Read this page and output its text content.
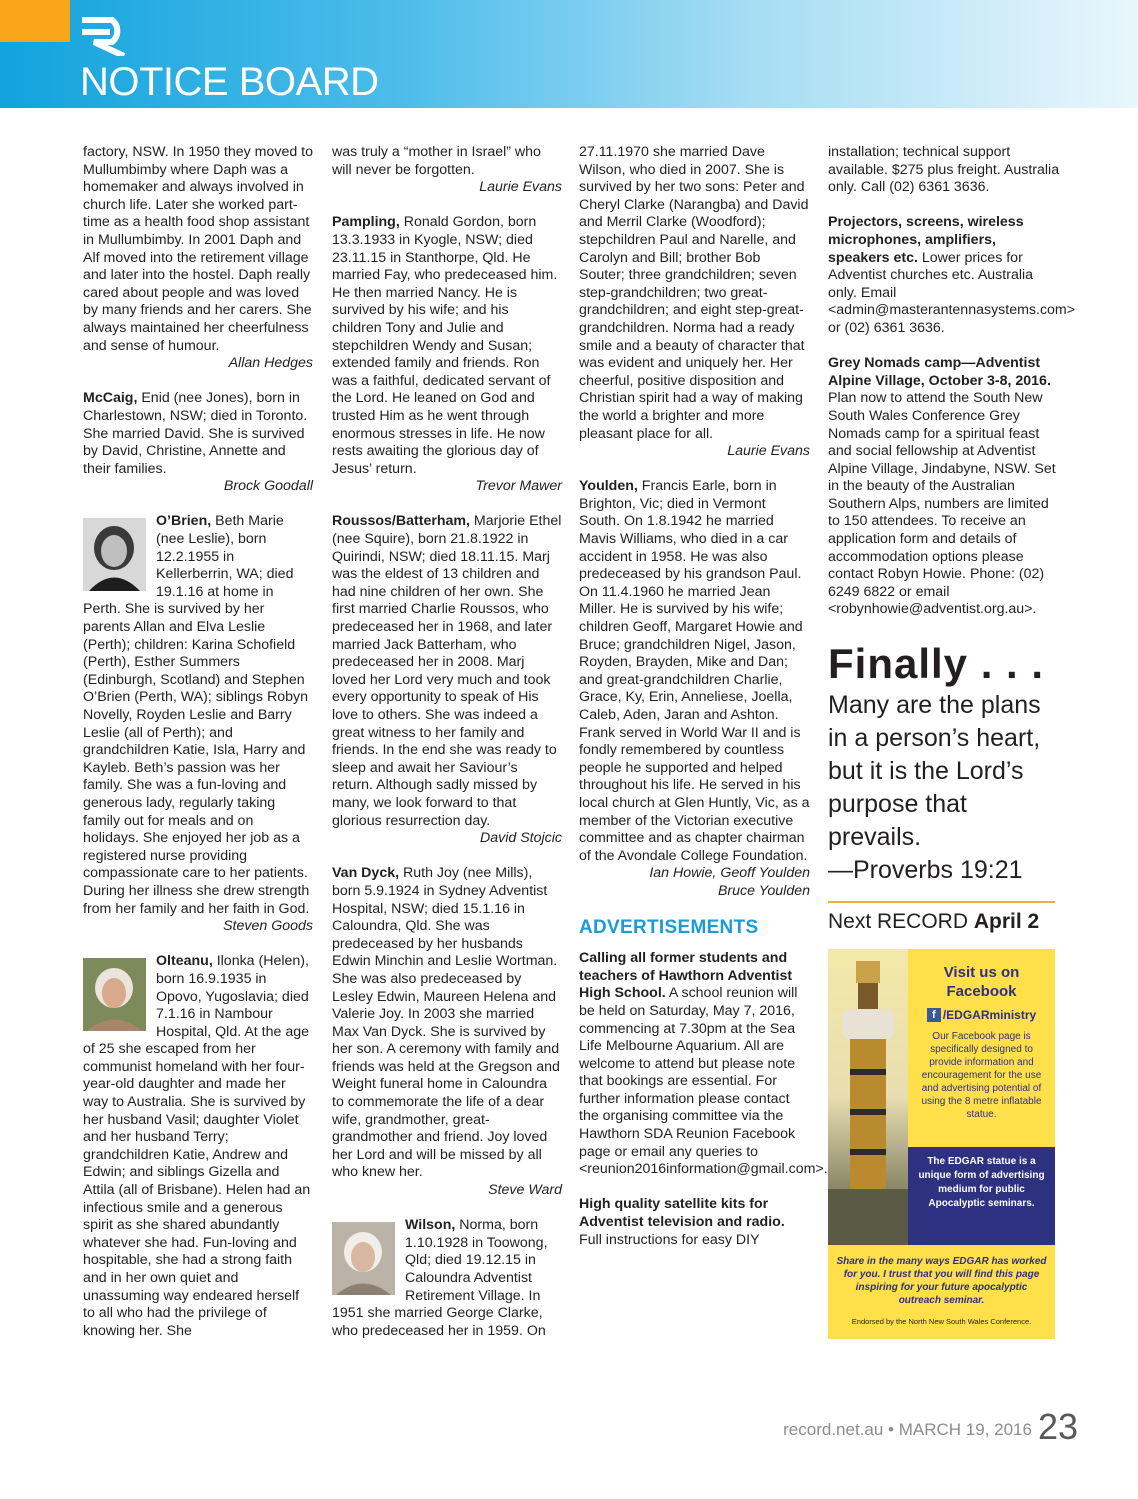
NOTICE BOARD

factory, NSW. In 1950 they moved to Mullumbimby where Daph was a homemaker and always involved in church life. Later she worked part-time as a health food shop assistant in Mullumbimby. In 2001 Daph and Alf moved into the retirement village and later into the hostel. Daph really cared about people and was loved by many friends and her carers. She always maintained her cheerfulness and sense of humour.

Allan Hedges

McCaig, Enid (nee Jones), born in Charlestown, NSW; died in Toronto. She married David. She is survived by David, Christine, Annette and their families.

Brock Goodall

O’Brien, Beth Marie (nee Leslie), born 12.2.1955 in Kellerberrin, WA; died 19.1.16 at home in Perth. She is survived by her parents Allan and Elva Leslie (Perth); children: Karina Schofield (Perth), Esther Summers (Edinburgh, Scotland) and Stephen O’Brien (Perth, WA); siblings Robyn Novelly, Royden Leslie and Barry Leslie (all of Perth); and grandchildren Katie, Isla, Harry and Kayleb. Beth’s passion was her family. She was a fun-loving and generous lady, regularly taking family out for meals and on holidays. She enjoyed her job as a registered nurse providing compassionate care to her patients. During her illness she drew strength from her family and her faith in God.

Steven Goods

Olteanu, Ilonka (Helen), born 16.9.1935 in Opovo, Yugoslavia; died 7.1.16 in Nambour Hospital, Qld. At the age of 25 she escaped from her communist homeland with her four-year-old daughter and made her way to Australia. She is survived by her husband Vasil; daughter Violet and her husband Terry; grandchildren Katie, Andrew and Edwin; and siblings Gizella and Attila (all of Brisbane). Helen had an infectious smile and a generous spirit as she shared abundantly whatever she had. Fun-loving and hospitable, she had a strong faith and in her own quiet and unassuming way endeared herself to all who had the privilege of knowing her. She

was truly a “mother in Israel” who will never be forgotten.

Laurie Evans

Pampling, Ronald Gordon, born 13.3.1933 in Kyogle, NSW; died 23.11.15 in Stanthorpe, Qld. He married Fay, who predeceased him. He then married Nancy. He is survived by his wife; and his children Tony and Julie and stepchildren Wendy and Susan; extended family and friends. Ron was a faithful, dedicated servant of the Lord. He leaned on God and trusted Him as he went through enormous stresses in life. He now rests awaiting the glorious day of Jesus’ return.

Trevor Mawer

Roussos/Batterham, Marjorie Ethel (nee Squire), born 21.8.1922 in Quirindi, NSW; died 18.11.15. Marj was the eldest of 13 children and had nine children of her own. She first married Charlie Roussos, who predeceased her in 1968, and later married Jack Batterham, who predeceased her in 2008. Marj loved her Lord very much and took every opportunity to speak of His love to others. She was indeed a great witness to her family and friends. In the end she was ready to sleep and await her Saviour’s return. Although sadly missed by many, we look forward to that glorious resurrection day.

David Stojcic

Van Dyck, Ruth Joy (nee Mills), born 5.9.1924 in Sydney Adventist Hospital, NSW; died 15.1.16 in Caloundra, Qld. She was predeceased by her husbands Edwin Minchin and Leslie Wortman. She was also predeceased by Lesley Edwin, Maureen Helena and Valerie Joy. In 2003 she married Max Van Dyck. She is survived by her son. A ceremony with family and friends was held at the Gregson and Weight funeral home in Caloundra to commemorate the life of a dear wife, grandmother, great-grandmother and friend. Joy loved her Lord and will be missed by all who knew her.

Steve Ward

Wilson, Norma, born 1.10.1928 in Toowong, Qld; died 19.12.15 in Caloundra Adventist Retirement Village. In 1951 she married George Clarke, who predeceased her in 1959. On

27.11.1970 she married Dave Wilson, who died in 2007. She is survived by her two sons: Peter and Cheryl Clarke (Narangba) and David and Merril Clarke (Woodford); stepchildren Paul and Narelle, and Carolyn and Bill; brother Bob Souter; three grandchildren; seven step-grandchildren; two great-grandchildren; and eight step-great-grandchildren. Norma had a ready smile and a beauty of character that was evident and uniquely her. Her cheerful, positive disposition and Christian spirit had a way of making the world a brighter and more pleasant place for all.

Laurie Evans

Youlden, Francis Earle, born in Brighton, Vic; died in Vermont South. On 1.8.1942 he married Mavis Williams, who died in a car accident in 1958. He was also predeceased by his grandson Paul. On 11.4.1960 he married Jean Miller. He is survived by his wife; children Geoff, Margaret Howie and Bruce; grandchildren Nigel, Jason, Royden, Brayden, Mike and Dan; and great-grandchildren Charlie, Grace, Ky, Erin, Anneliese, Joella, Caleb, Aden, Jaran and Ashton. Frank served in World War II and is fondly remembered by countless people he supported and helped throughout his life. He served in his local church at Glen Huntly, Vic, as a member of the Victorian executive committee and as chapter chairman of the Avondale College Foundation.

Ian Howie, Geoff Youlden

Bruce Youlden

ADVERTISEMENTS

Calling all former students and teachers of Hawthorn Adventist High School. A school reunion will be held on Saturday, May 7, 2016, commencing at 7.30pm at the Sea Life Melbourne Aquarium. All are welcome to attend but please note that bookings are essential. For further information please contact the organising committee via the Hawthorn SDA Reunion Facebook page or email any queries to <reunion2016information@gmail.com>.

High quality satellite kits for Adventist television and radio. Full instructions for easy DIY

installation; technical support available. $275 plus freight. Australia only. Call (02) 6361 3636.

Projectors, screens, wireless microphones, amplifiers, speakers etc. Lower prices for Adventist churches etc. Australia only. Email <admin@masterantennasystems.com> or (02) 6361 3636.

Grey Nomads camp—Adventist Alpine Village, October 3-8, 2016. Plan now to attend the South New South Wales Conference Grey Nomads camp for a spiritual feast and social fellowship at Adventist Alpine Village, Jindabyne, NSW. Set in the beauty of the Australian Southern Alps, numbers are limited to 150 attendees. To receive an application form and details of accommodation options please contact Robyn Howie. Phone: (02) 6249 6822 or email <robynhowie@adventist.org.au>.

Finally . . .
Many are the plans in a person’s heart, but it is the Lord’s purpose that prevails.
—Proverbs 19:21
Next RECORD April 2
Visit us on Facebook
f /EDGARministry
Our Facebook page is specifically designed to provide information and encouragement for the use and advertising potential of using the 8 metre inflatable statue.
The EDGAR statue is a unique form of advertising medium for public Apocalyptic seminars.
Share in the many ways EDGAR has worked for you. I trust that you will find this page inspiring for your future apocalyptic outreach seminar.
Endorsed by the North New South Wales Conference.
record.net.au • MARCH 19, 2016 23
